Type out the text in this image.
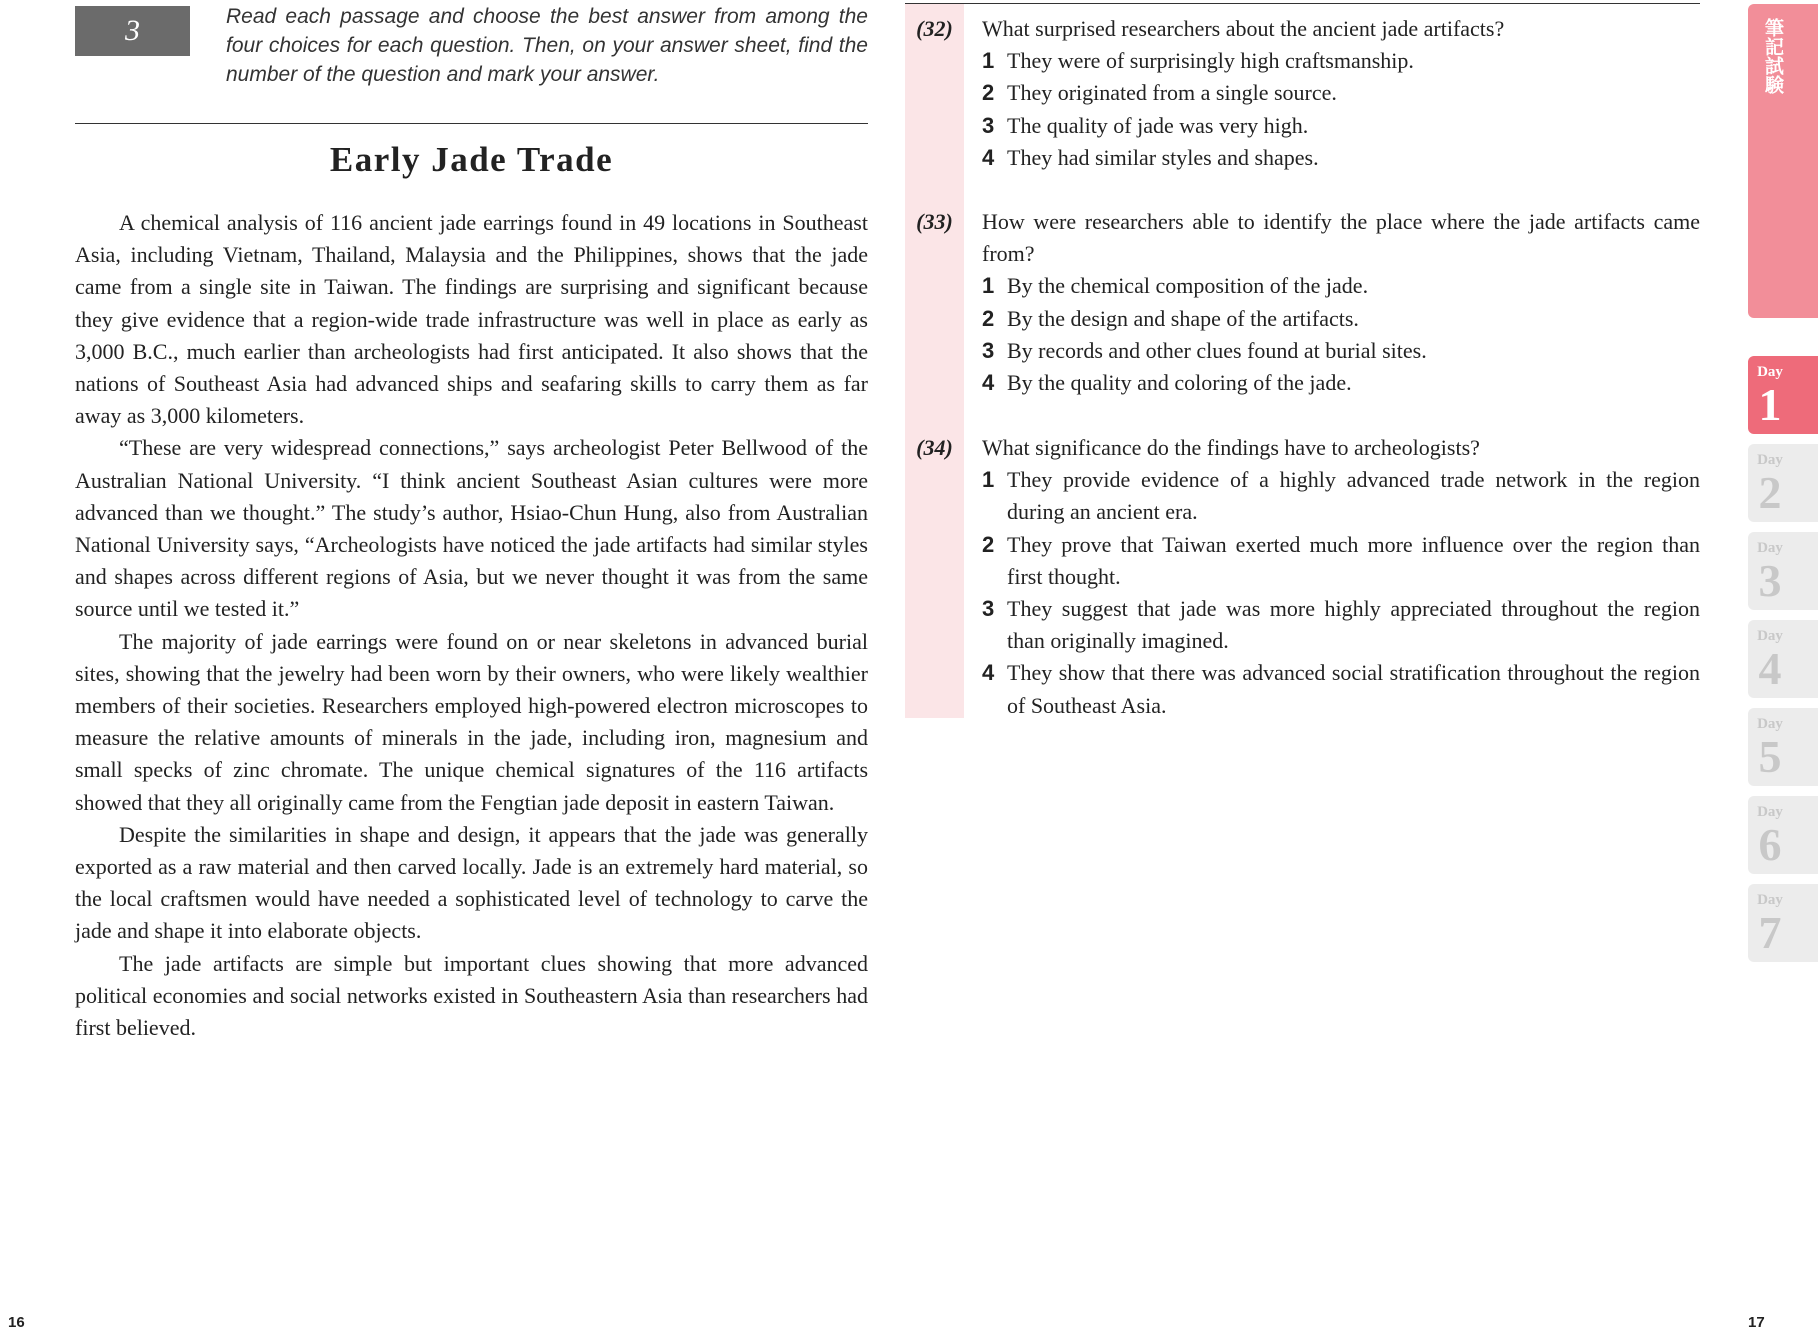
3	Read each passage and choose the best answer from among the four choices for each question. Then, on your answer sheet, find the number of the question and mark your answer.

Early Jade Trade

A chemical analysis of 116 ancient jade earrings found in 49 locations in Southeast Asia, including Vietnam, Thailand, Malaysia and the Philippines, shows that the jade came from a single site in Taiwan. The findings are surprising and significant because they give evidence that a region-wide trade infrastructure was well in place as early as 3,000 B.C., much earlier than archeologists had first anticipated. It also shows that the nations of Southeast Asia had advanced ships and seafaring skills to carry them as far away as 3,000 kilometers.

“These are very widespread connections,” says archeologist Peter Bellwood of the Australian National University. “I think ancient Southeast Asian cultures were more advanced than we thought.” The study’s author, Hsiao-Chun Hung, also from Australian National University says, “Archeologists have noticed the jade artifacts had similar styles and shapes across different regions of Asia, but we never thought it was from the same source until we tested it.”

The majority of jade earrings were found on or near skeletons in advanced burial sites, showing that the jewelry had been worn by their owners, who were likely wealthier members of their societies. Researchers employed high-powered electron microscopes to measure the relative amounts of minerals in the jade, including iron, magnesium and small specks of zinc chromate. The unique chemical signatures of the 116 artifacts showed that they all originally came from the Fengtian jade deposit in eastern Taiwan.

Despite the similarities in shape and design, it appears that the jade was generally exported as a raw material and then carved locally. Jade is an extremely hard material, so the local craftsmen would have needed a sophisticated level of technology to carve the jade and shape it into elaborate objects.

The jade artifacts are simple but important clues showing that more advanced political economies and social networks existed in Southeastern Asia than researchers had first believed.

16
(32)	What surprised researchers about the ancient jade artifacts?

1 They were of surprisingly high craftsmanship.
2 They originated from a single source.
3 The quality of jade was very high.
4 They had similar styles and shapes.
(33)	How were researchers able to identify the place where the jade artifacts came from?

1 By the chemical composition of the jade.
2 By the design and shape of the artifacts.
3 By records and other clues found at burial sites.
4 By the quality and coloring of the jade.
(34)	What significance do the findings have to archeologists?

1 They provide evidence of a highly advanced trade network in the region during an ancient era.
2 They prove that Taiwan exerted much more influence over the region than first thought.
3 They suggest that jade was more highly appreciated throughout the region than originally imagined.
4 They show that there was advanced social stratification throughout the region of Southeast Asia.
17
筆記試験
Day
1
Day
2
Day
3
Day
4
Day
5
Day
6
Day
7
